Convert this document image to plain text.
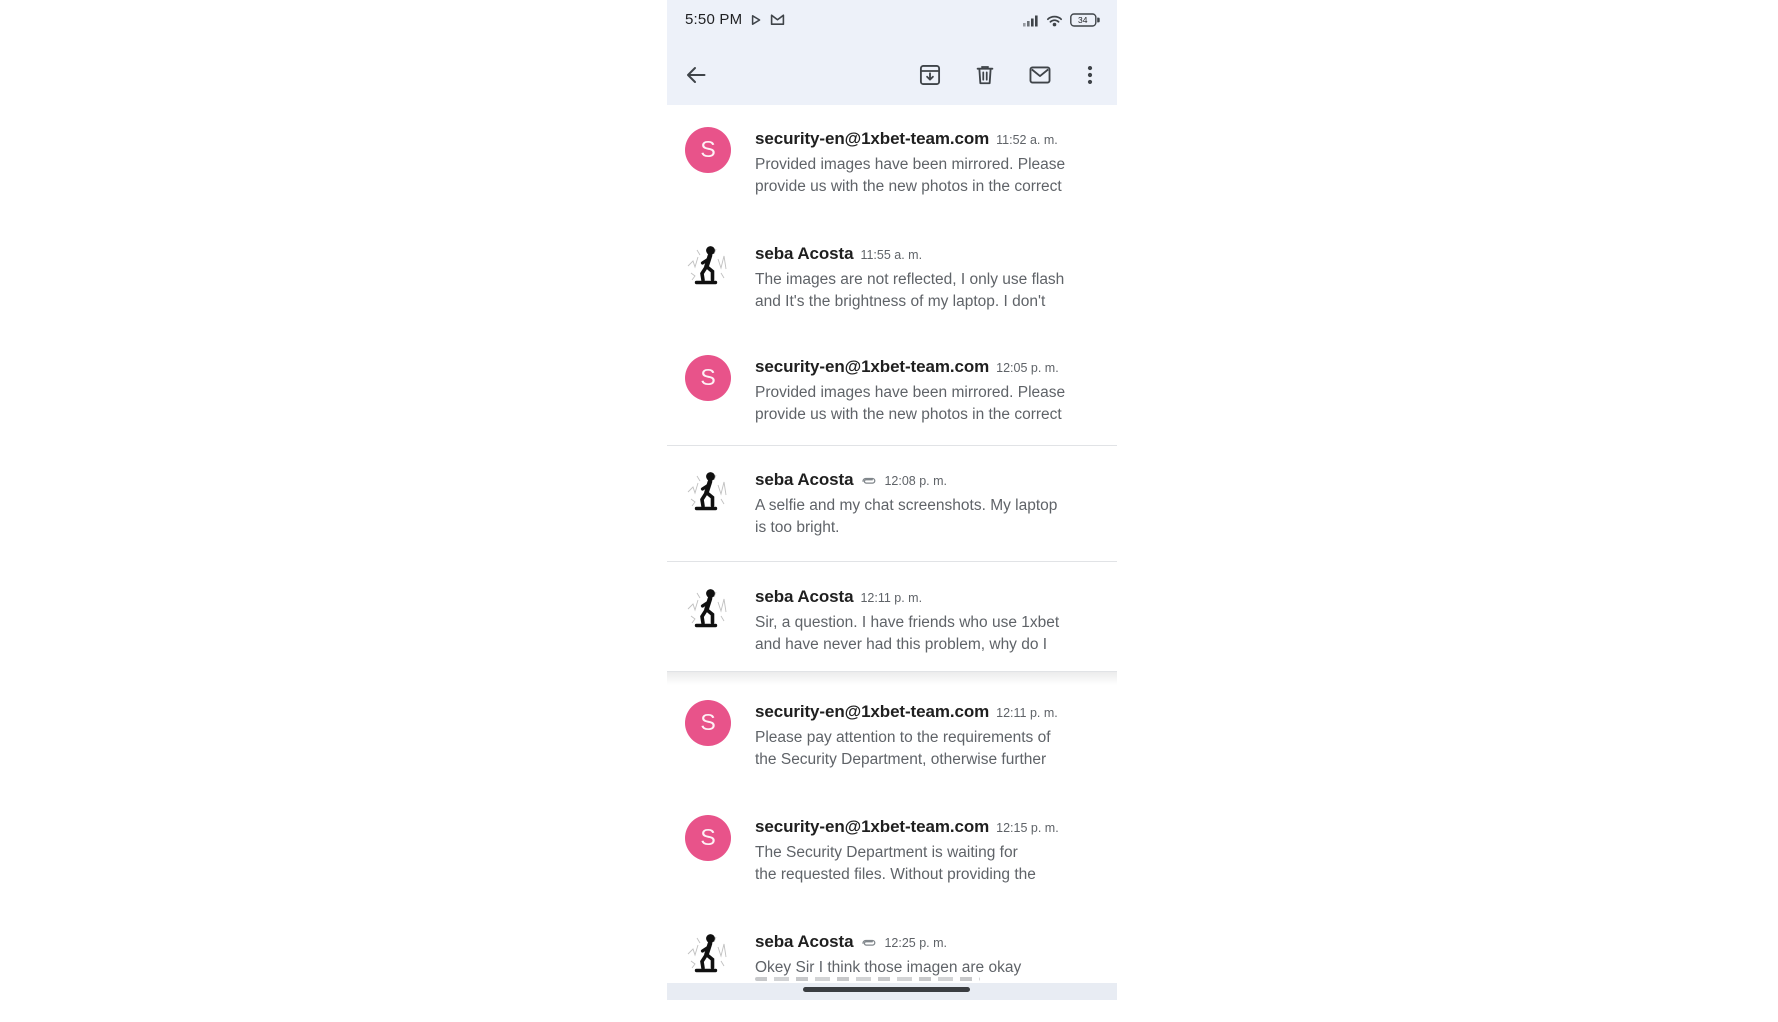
5:50 PM	34
S security-en@1xbet-team.com 11:52 a. m.
Provided images have been mirrored. Please
provide us with the new photos in the correct
seba Acosta 11:55 a. m.
The images are not reflected, I only use flash
and It's the brightness of my laptop. I don't
S security-en@1xbet-team.com 12:05 p. m.
Provided images have been mirrored. Please
provide us with the new photos in the correct
seba Acosta 12:08 p. m.
A selfie and my chat screenshots. My laptop
is too bright.
seba Acosta 12:11 p. m.
Sir, a question. I have friends who use 1xbet
and have never had this problem, why do I
S security-en@1xbet-team.com 12:11 p. m.
Please pay attention to the requirements of
the Security Department, otherwise further
S security-en@1xbet-team.com 12:15 p. m.
The Security Department is waiting for
the requested files. Without providing the
seba Acosta 12:25 p. m.
Okey Sir I think those imagen are okay
